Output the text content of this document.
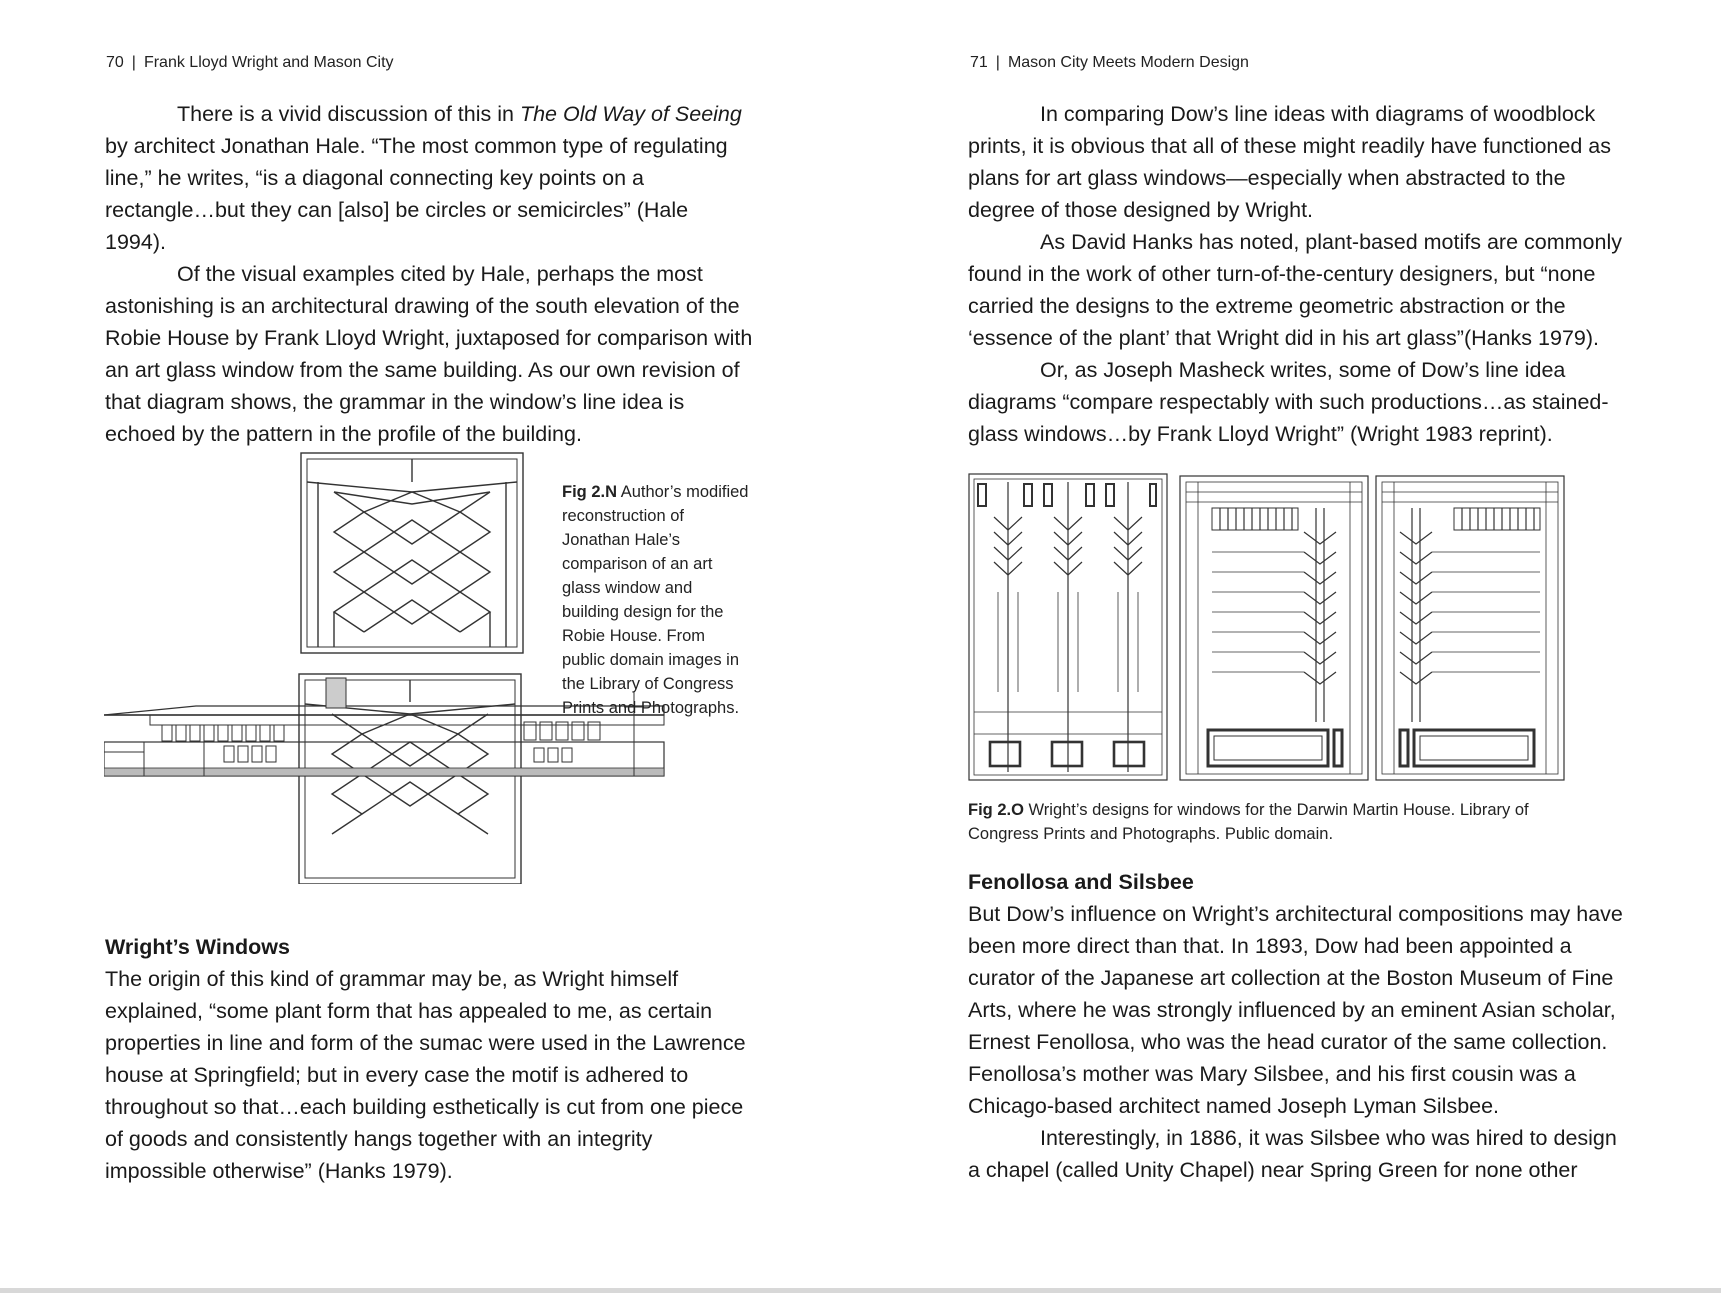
70 | Frank Lloyd Wright and Mason City

There is a vivid discussion of this in The Old Way of Seeing by architect Jonathan Hale. “The most common type of regulating line,” he writes, “is a diagonal connecting key points on a rectangle…but they can [also] be circles or semicircles” (Hale 1994).

Of the visual examples cited by Hale, perhaps the most astonishing is an architectural drawing of the south elevation of the Robie House by Frank Lloyd Wright, juxtaposed for comparison with an art glass window from the same building. As our own revision of that diagram shows, the grammar in the window’s line idea is echoed by the pattern in the profile of the building.

Fig 2.N Author’s modified reconstruction of Jonathan Hale’s comparison of an art glass window and building design for the Robie House. From public domain images in the Library of Congress Prints and Photographs.

Wright’s Windows

The origin of this kind of grammar may be, as Wright himself explained, “some plant form that has appealed to me, as certain properties in line and form of the sumac were used in the Lawrence house at Springfield; but in every case the motif is adhered to throughout so that…each building esthetically is cut from one piece of goods and consistently hangs together with an integrity impossible otherwise” (Hanks 1979).

71 | Mason City Meets Modern Design

In comparing Dow’s line ideas with diagrams of woodblock prints, it is obvious that all of these might readily have functioned as plans for art glass windows—especially when abstracted to the degree of those designed by Wright.

As David Hanks has noted, plant-based motifs are commonly found in the work of other turn-of-the-century designers, but “none carried the designs to the extreme geometric abstraction or the ‘essence of the plant’ that Wright did in his art glass”(Hanks 1979).

Or, as Joseph Masheck writes, some of Dow’s line idea diagrams “compare respectably with such productions…as stained-glass windows…by Frank Lloyd Wright” (Wright 1983 reprint).

Fig 2.O Wright’s designs for windows for the Darwin Martin House. Library of Congress Prints and Photographs. Public domain.

Fenollosa and Silsbee

But Dow’s influence on Wright’s architectural compositions may have been more direct than that. In 1893, Dow had been appointed a curator of the Japanese art collection at the Boston Museum of Fine Arts, where he was strongly influenced by an eminent Asian scholar, Ernest Fenollosa, who was the head curator of the same collection. Fenollosa’s mother was Mary Silsbee, and his first cousin was a Chicago-based architect named Joseph Lyman Silsbee.

Interestingly, in 1886, it was Silsbee who was hired to design a chapel (called Unity Chapel) near Spring Green for none other
